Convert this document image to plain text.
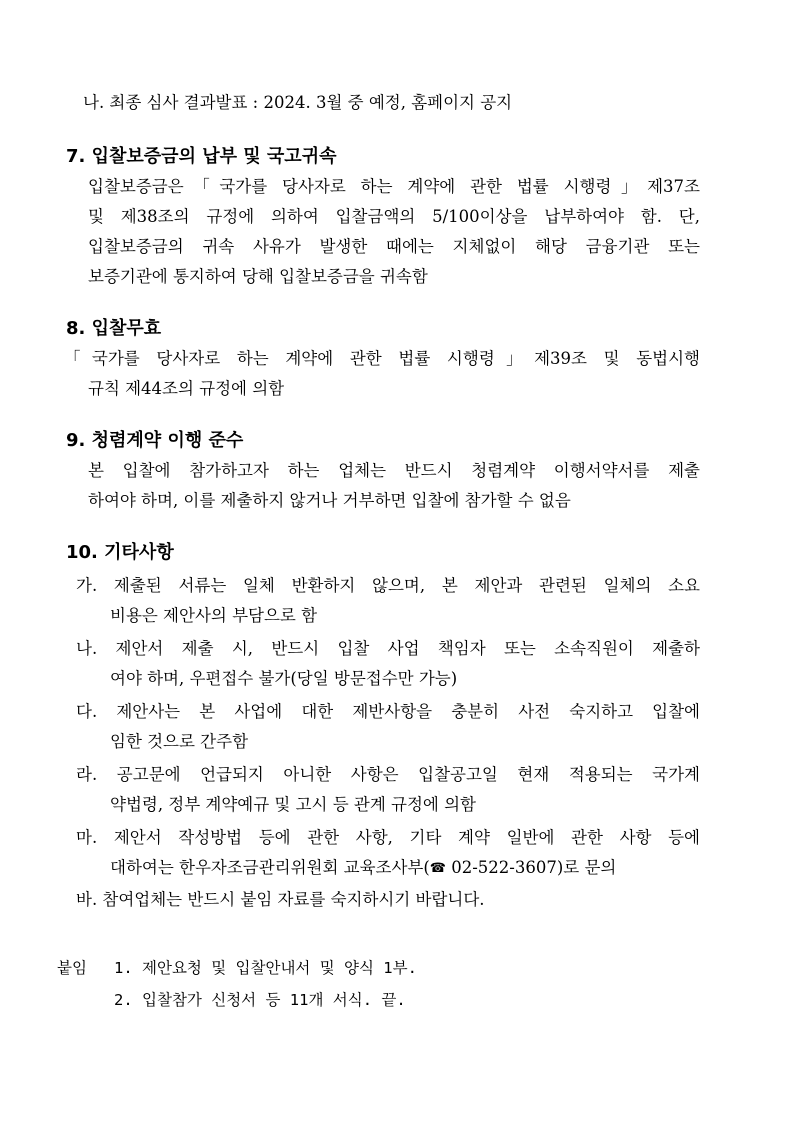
나. 최종 심사 결과발표 : 2024. 3월 중 예정, 홈페이지 공지
7. 입찰보증금의 납부 및 국고귀속
입찰보증금은「국가를 당사자로 하는 계약에 관한 법률 시행령」제37조
및 제38조의 규정에 의하여 입찰금액의 5/100이상을 납부하여야 함. 단,
입찰보증금의 귀속 사유가 발생한 때에는 지체없이 해당 금융기관 또는
보증기관에 통지하여 당해 입찰보증금을 귀속함
8. 입찰무효
「국가를 당사자로 하는 계약에 관한 법률 시행령」제39조 및 동법시행
규칙 제44조의 규정에 의함
9. 청렴계약 이행 준수
본 입찰에 참가하고자 하는 업체는 반드시 청렴계약 이행서약서를 제출
하여야 하며, 이를 제출하지 않거나 거부하면 입찰에 참가할 수 없음
10. 기타사항
가. 제출된 서류는 일체 반환하지 않으며, 본 제안과 관련된 일체의 소요
비용은 제안사의 부담으로 함
나. 제안서 제출 시, 반드시 입찰 사업 책임자 또는 소속직원이 제출하
여야 하며, 우편접수 불가(당일 방문접수만 가능)
다. 제안사는 본 사업에 대한 제반사항을 충분히 사전 숙지하고 입찰에
임한 것으로 간주함
라. 공고문에 언급되지 아니한 사항은 입찰공고일 현재 적용되는 국가계
약법령, 정부 계약예규 및 고시 등 관계 규정에 의함
마. 제안서 작성방법 등에 관한 사항, 기타 계약 일반에 관한 사항 등에
대하여는 한우자조금관리위원회 교육조사부(☎ 02-522-3607)로 문의
바. 참여업체는 반드시 붙임 자료를 숙지하시기 바랍니다.
붙임 1. 제안요청 및 입찰안내서 및 양식 1부.
2. 입찰참가 신청서 등 11개 서식. 끝.
